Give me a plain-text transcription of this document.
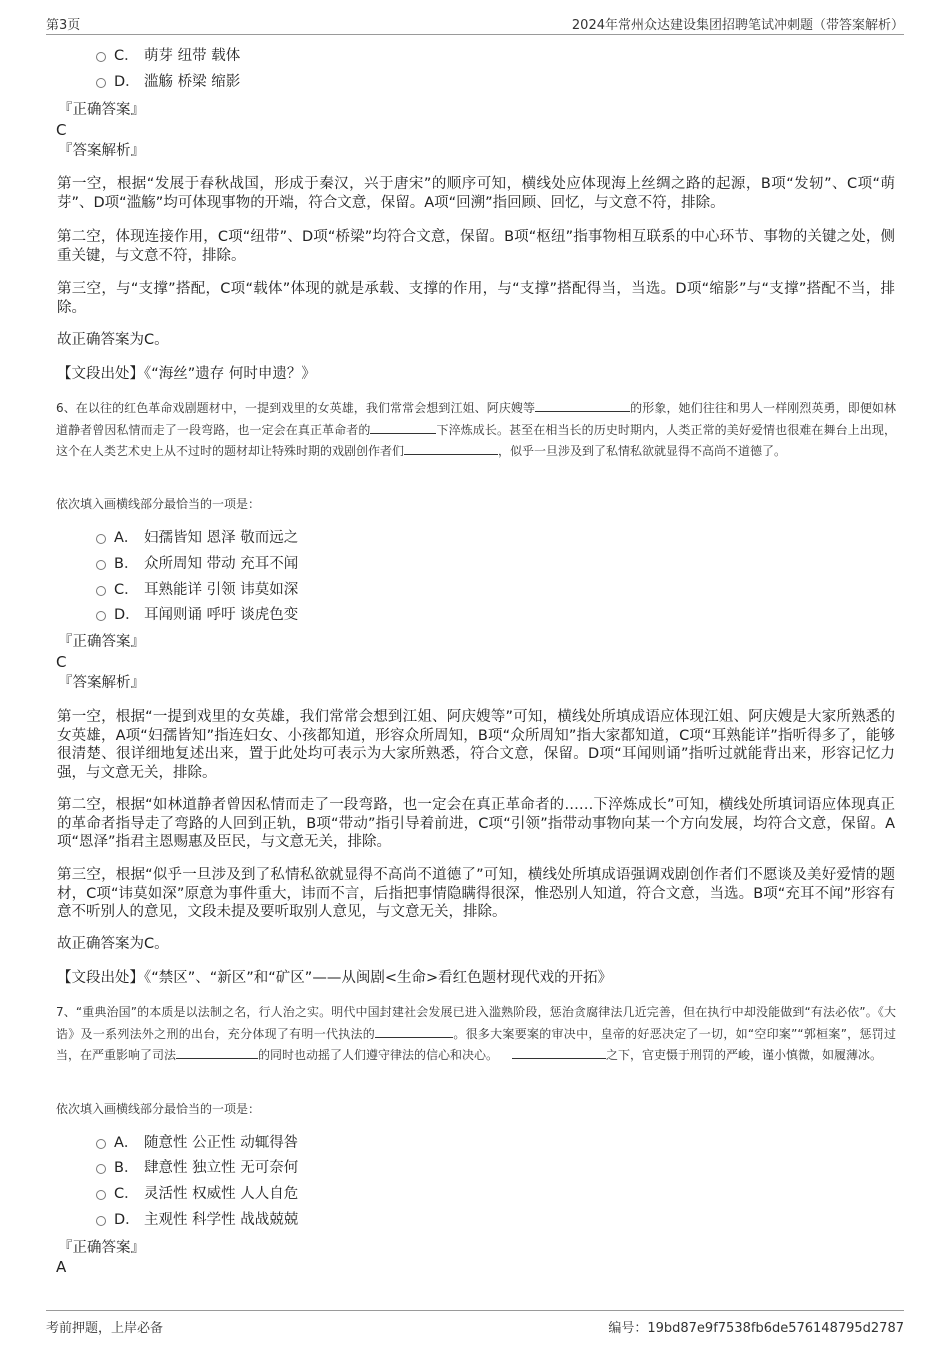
第3页	2024年常州众达建设集团招聘笔试冲刺题（带答案解析）
C． 萌芽 纽带 载体
D． 滥觞 桥梁 缩影
『正确答案』
C
『答案解析』
第一空，根据“发展于春秋战国，形成于秦汉，兴于唐宋”的顺序可知，横线处应体现海上丝绸之路的起源，B项“发轫”、C项“萌芽”、D项“滥觞”均可体现事物的开端，符合文意，保留。A项“回溯”指回顾、回忆，与文意不符，排除。
第二空，体现连接作用，C项“纽带”、D项“桥梁”均符合文意，保留。B项“枢纽”指事物相互联系的中心环节、事物的关键之处，侧重关键，与文意不符，排除。
第三空，与“支撑”搭配，C项“载体”体现的就是承载、支撑的作用，与“支撑”搭配得当，当选。D项“缩影”与“支撑”搭配不当，排除。
故正确答案为C。
【文段出处】《“海丝”遗存 何时申遗？》
6、在以往的红色革命戏剧题材中，一提到戏里的女英雄，我们常常会想到江姐、阿庆嫂等	的形象，她们往往和男人一样刚烈英勇，即便如林道静者曾因私情而走了一段弯路，也一定会在真正革命者的	下淬炼成长。甚至在相当长的历史时期内，人类正常的美好爱情也很难在舞台上出现，这个在人类艺术史上从不过时的题材却让特殊时期的戏剧创作者们	，似乎一旦涉及到了私情私欲就显得不高尚不道德了。
依次填入画横线部分最恰当的一项是：
A． 妇孺皆知 恩泽 敬而远之
B． 众所周知 带动 充耳不闻
C． 耳熟能详 引领 讳莫如深
D． 耳闻则诵 呼吁 谈虎色变
『正确答案』
C
『答案解析』
第一空，根据“一提到戏里的女英雄，我们常常会想到江姐、阿庆嫂等”可知，横线处所填成语应体现江姐、阿庆嫂是大家所熟悉的女英雄，A项“妇孺皆知”指连妇女、小孩都知道，形容众所周知，B项“众所周知”指大家都知道，C项“耳熟能详”指听得多了，能够很清楚、很详细地复述出来，置于此处均可表示为大家所熟悉，符合文意，保留。D项“耳闻则诵”指听过就能背出来，形容记忆力强，与文意无关，排除。
第二空，根据“如林道静者曾因私情而走了一段弯路，也一定会在真正革命者的……下淬炼成长”可知，横线处所填词语应体现真正的革命者指导走了弯路的人回到正轨，B项“带动”指引导着前进，C项“引领”指带动事物向某一个方向发展，均符合文意，保留。A项“恩泽”指君主恩赐惠及臣民，与文意无关，排除。
第三空，根据“似乎一旦涉及到了私情私欲就显得不高尚不道德了”可知，横线处所填成语强调戏剧创作者们不愿谈及美好爱情的题材，C项“讳莫如深”原意为事件重大，讳而不言，后指把事情隐瞒得很深，惟恐别人知道，符合文意，当选。B项“充耳不闻”形容有意不听别人的意见，文段未提及要听取别人意见，与文意无关，排除。
故正确答案为C。
【文段出处】《“禁区”、“新区”和“矿区”——从闽剧<生命>看红色题材现代戏的开拓》
7、“重典治国”的本质是以法制之名，行人治之实。明代中国封建社会发展已进入滥熟阶段，惩治贪腐律法几近完善，但在执行中却没能做到“有法必依”。《大诰》及一系列法外之刑的出台，充分体现了有明一代执法的	。很多大案要案的审决中，皇帝的好恶决定了一切，如“空印案”“郭桓案”，惩罚过当，在严重影响了司法	的同时也动摇了人们遵守律法的信心和决心。	之下，官吏慑于刑罚的严峻，谨小慎微，如履薄冰。
依次填入画横线部分最恰当的一项是：
A． 随意性 公正性 动辄得咎
B． 肆意性 独立性 无可奈何
C． 灵活性 权威性 人人自危
D． 主观性 科学性 战战兢兢
『正确答案』
A
考前押题，上岸必备	编号：19bd87e9f7538fb6de576148795d2787
